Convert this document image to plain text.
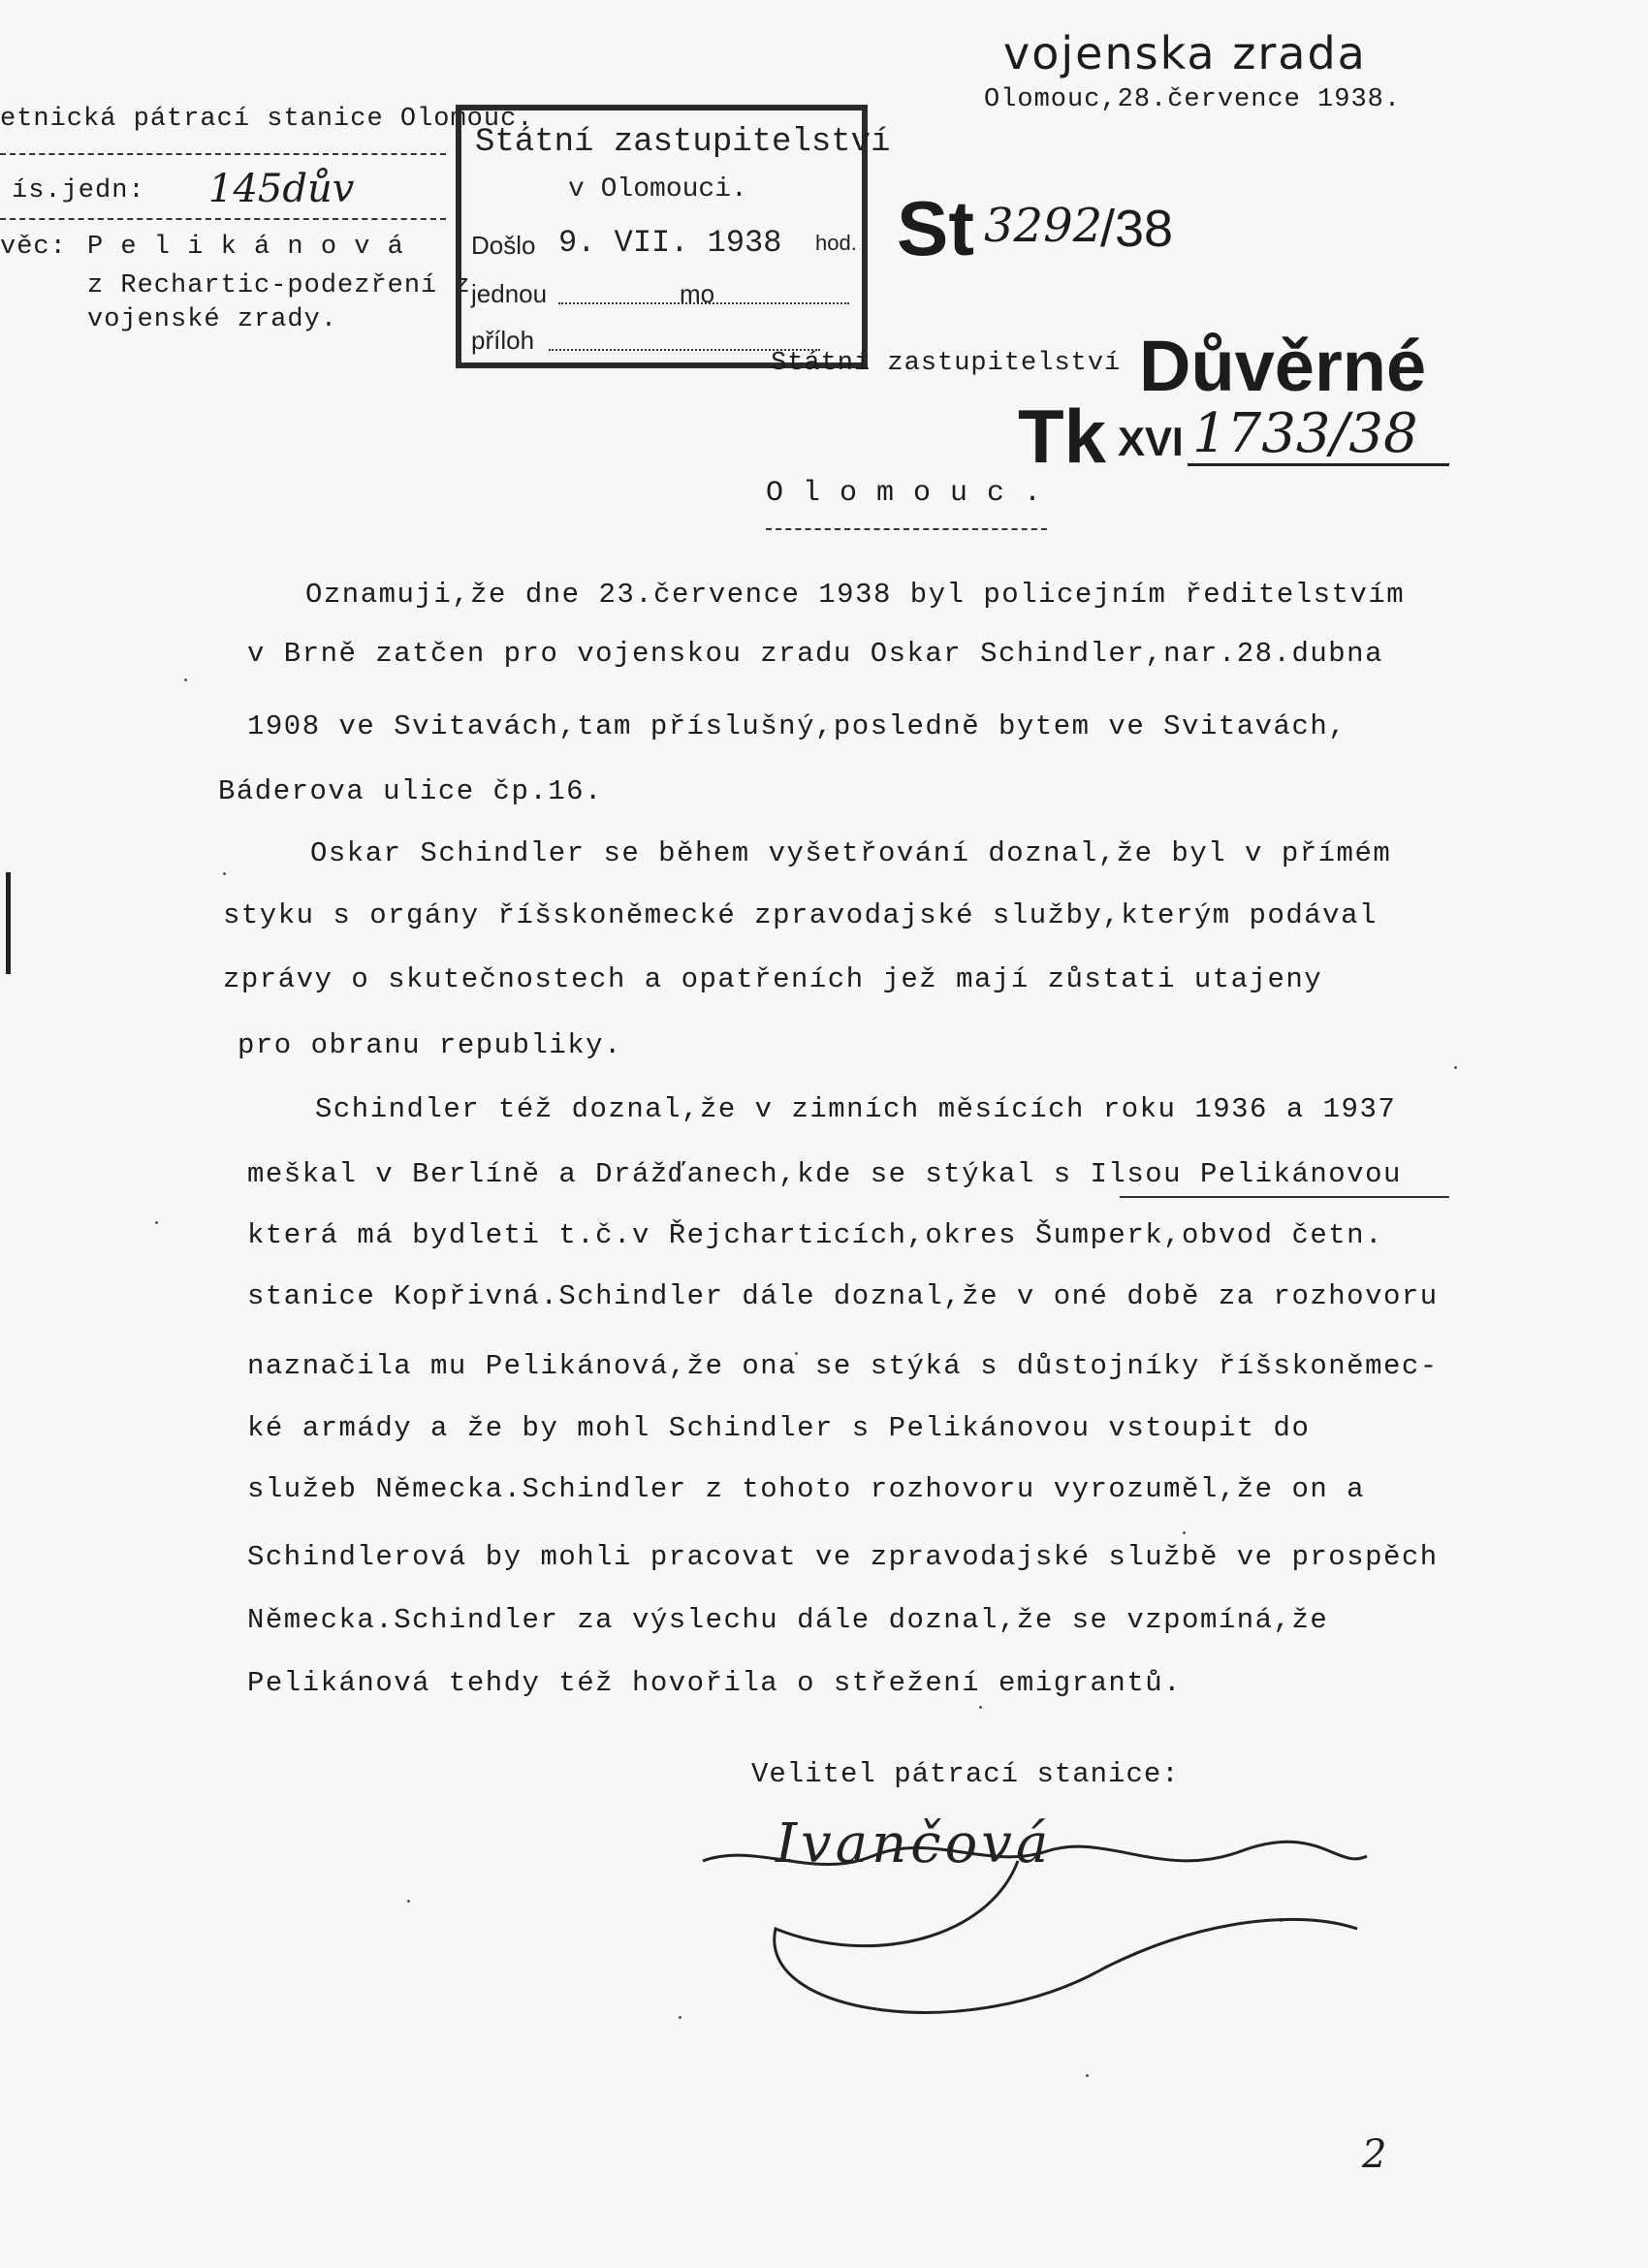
vojenska zrada
Olomouc,28.července 1938.
etnická pátrací stanice Olomouc.
ís.jedn: 145dův
věc: P e l i k á n o v á
z Rechartic-podezření z
vojenské zrady.
Státní zastupitelství
v Olomouci.
Došlo 9. VII. 1938 hod.
jednou	mo
příloh
St 3292
/38
Státní zastupitelství
O l o m o u c .
Důvěrné
Tk XVI 1733/38
Oznamuji,že dne 23.července 1938 byl policejním ředitelstvím
v Brně zatčen pro vojenskou zradu Oskar Schindler,nar.28.dubna
1908 ve Svitavách,tam příslušný,posledně bytem ve Svitavách,
Báderova ulice čp.16.
Oskar Schindler se během vyšetřování doznal,že byl v přímém
styku s orgány říšskoněmecké zpravodajské služby,kterým podával
zprávy o skutečnostech a opatřeních jež mají zůstati utajeny
pro obranu republiky.
Schindler též doznal,že v zimních měsících roku 1936 a 1937
meškal v Berlíně a Drážďanech,kde se stýkal s Ilsou Pelikánovou
která má bydleti t.č.v Řejcharticích,okres Šumperk,obvod četn.
stanice Kopřivná.Schindler dále doznal,že v oné době za rozhovoru
naznačila mu Pelikánová,že ona se stýká s důstojníky říšskoněmec-
ké armády a že by mohl Schindler s Pelikánovou vstoupit do
služeb Německa.Schindler z tohoto rozhovoru vyrozuměl,že on a
Schindlerová by mohli pracovat ve zpravodajské službě ve prospěch
Německa.Schindler za výslechu dále doznal,že se vzpomíná,že
Pelikánová tehdy též hovořila o střežení emigrantů.
Velitel pátrací stanice:
Ivančová
2
